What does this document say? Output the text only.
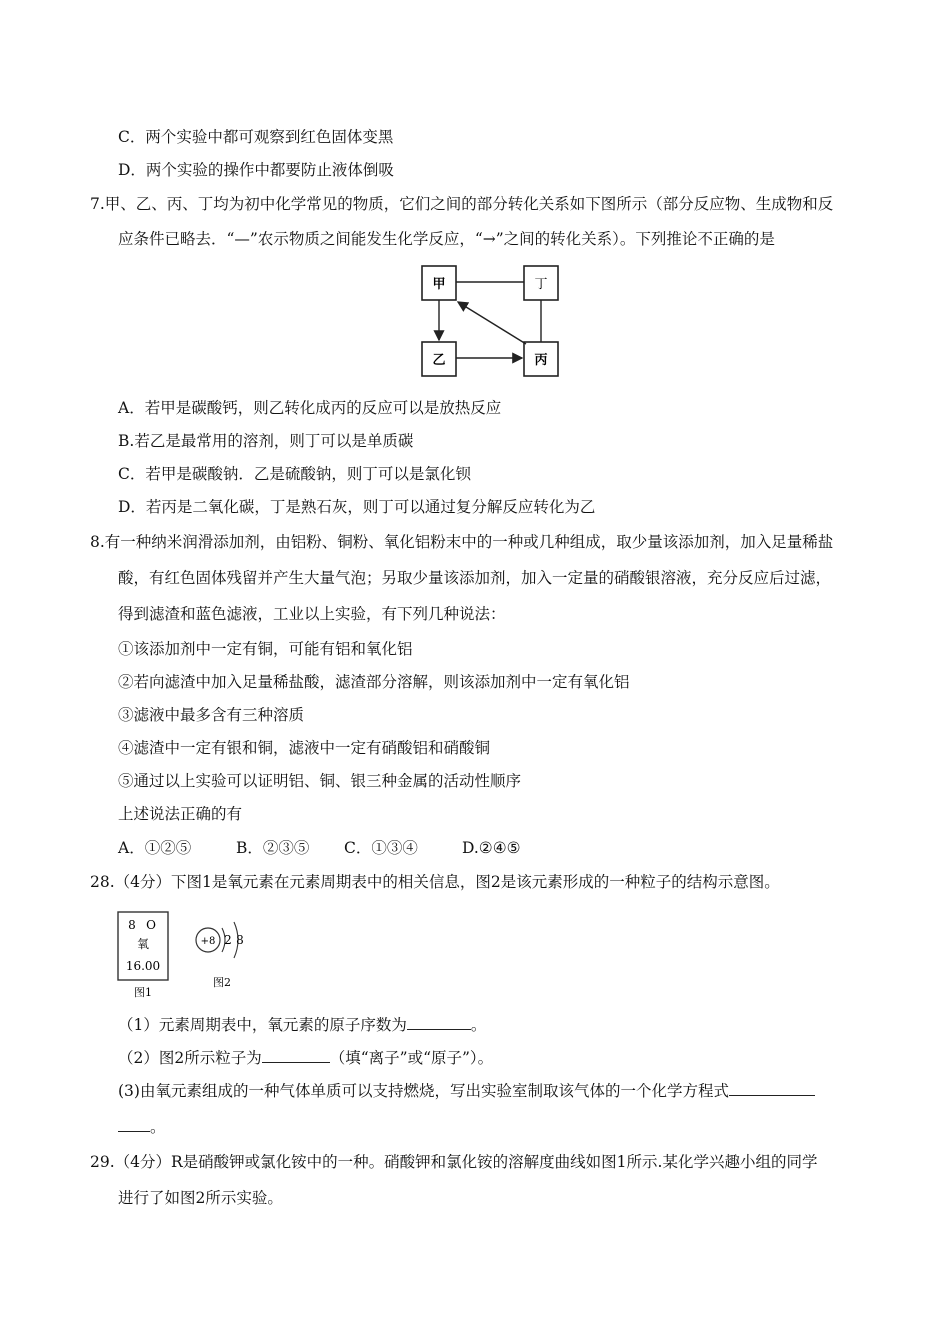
C．两个实验中都可观察到红色固体变黑
D．两个实验的操作中都要防止液体倒吸
7.甲、乙、丙、丁均为初中化学常见的物质，它们之间的部分转化关系如下图所示（部分反应物、生成物和反
应条件已略去．“—”农示物质之间能发生化学反应，“→”之间的转化关系）。下列推论不正确的是
甲	丁
乙	丙
A．若甲是碳酸钙，则乙转化成丙的反应可以是放热反应
B.若乙是最常用的溶剂，则丁可以是单质碳
C．若甲是碳酸钠．乙是硫酸钠，则丁可以是氯化钡
D．若丙是二氧化碳，丁是熟石灰，则丁可以通过复分解反应转化为乙
8.有一种纳米润滑添加剂，由铝粉、铜粉、氧化铝粉末中的一种或几种组成，取少量该添加剂，加入足量稀盐
酸，有红色固体残留并产生大量气泡；另取少量该添加剂，加入一定量的硝酸银溶液，充分反应后过滤，
得到滤渣和蓝色滤液，工业以上实验，有下列几种说法：
①该添加剂中一定有铜，可能有铝和氧化铝
②若向滤渣中加入足量稀盐酸，滤渣部分溶解，则该添加剂中一定有氧化铝
③滤液中最多含有三种溶质
④滤渣中一定有银和铜，滤液中一定有硝酸铝和硝酸铜
⑤通过以上实验可以证明铝、铜、银三种金属的活动性顺序
上述说法正确的有
A．①②⑤	B．②③⑤ C．①③④	D.②④⑤
28.（4分）下图1是氧元素在元素周期表中的相关信息，图2是该元素形成的一种粒子的结构示意图。
8 O
氧
16.00
图1
+8 2 8
图2
（1）元素周期表中，氧元素的原子序数为	。
（2）图2所示粒子为	（填“离子”或“原子”）。
(3)由氧元素组成的一种气体单质可以支持燃烧，写出实验室制取该气体的一个化学方程式
。
29.（4分）R是硝酸钾或氯化铵中的一种。硝酸钾和氯化铵的溶解度曲线如图1所示.某化学兴趣小组的同学
进行了如图2所示实验。
